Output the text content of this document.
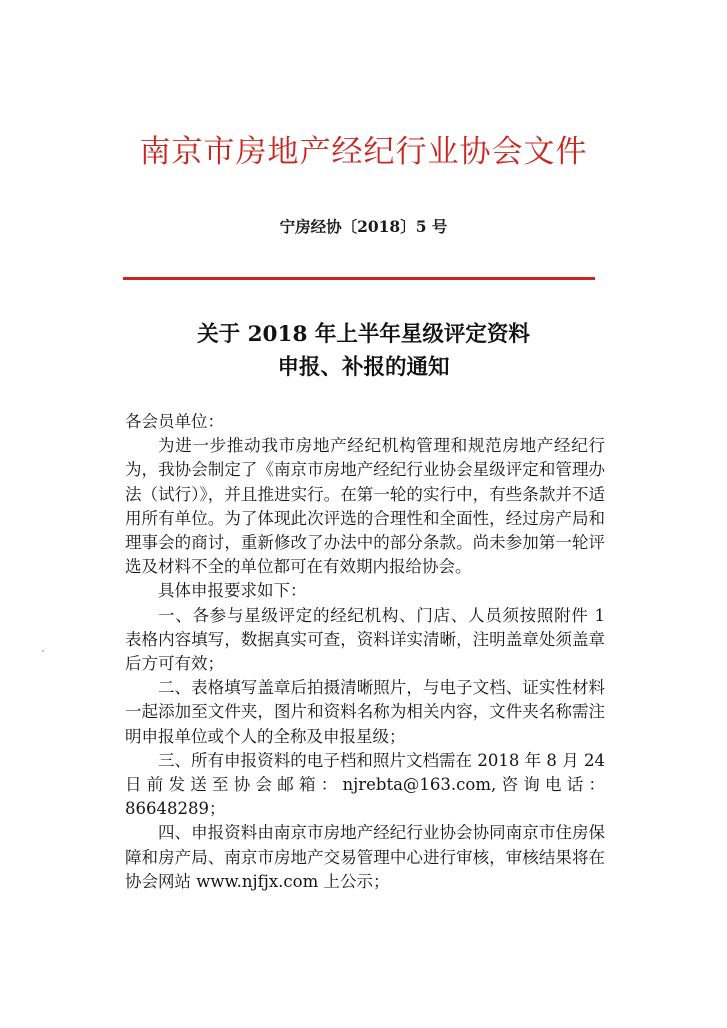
南京市房地产经纪行业协会文件
宁房经协〔2018〕5 号
关于 2018 年上半年星级评定资料
申报、补报的通知

各会员单位：

为进一步推动我市房地产经纪机构管理和规范房地产经纪行为，我协会制定了《南京市房地产经纪行业协会星级评定和管理办法（试行）》，并且推进实行。在第一轮的实行中，有些条款并不适用所有单位。为了体现此次评选的合理性和全面性，经过房产局和理事会的商讨，重新修改了办法中的部分条款。尚未参加第一轮评选及材料不全的单位都可在有效期内报给协会。

具体申报要求如下：

一、各参与星级评定的经纪机构、门店、人员须按照附件 1 表格内容填写，数据真实可查，资料详实清晰，注明盖章处须盖章后方可有效；

二、表格填写盖章后拍摄清晰照片，与电子文档、证实性材料一起添加至文件夹，图片和资料名称为相关内容，文件夹名称需注明申报单位或个人的全称及申报星级；

三、所有申报资料的电子档和照片文档需在 2018 年 8 月 24 日前发送至协会邮箱：njrebta@163.com,咨询电话：86648289；

四、申报资料由南京市房地产经纪行业协会协同南京市住房保障和房产局、南京市房地产交易管理中心进行审核，审核结果将在协会网站 www.njfjx.com 上公示；
